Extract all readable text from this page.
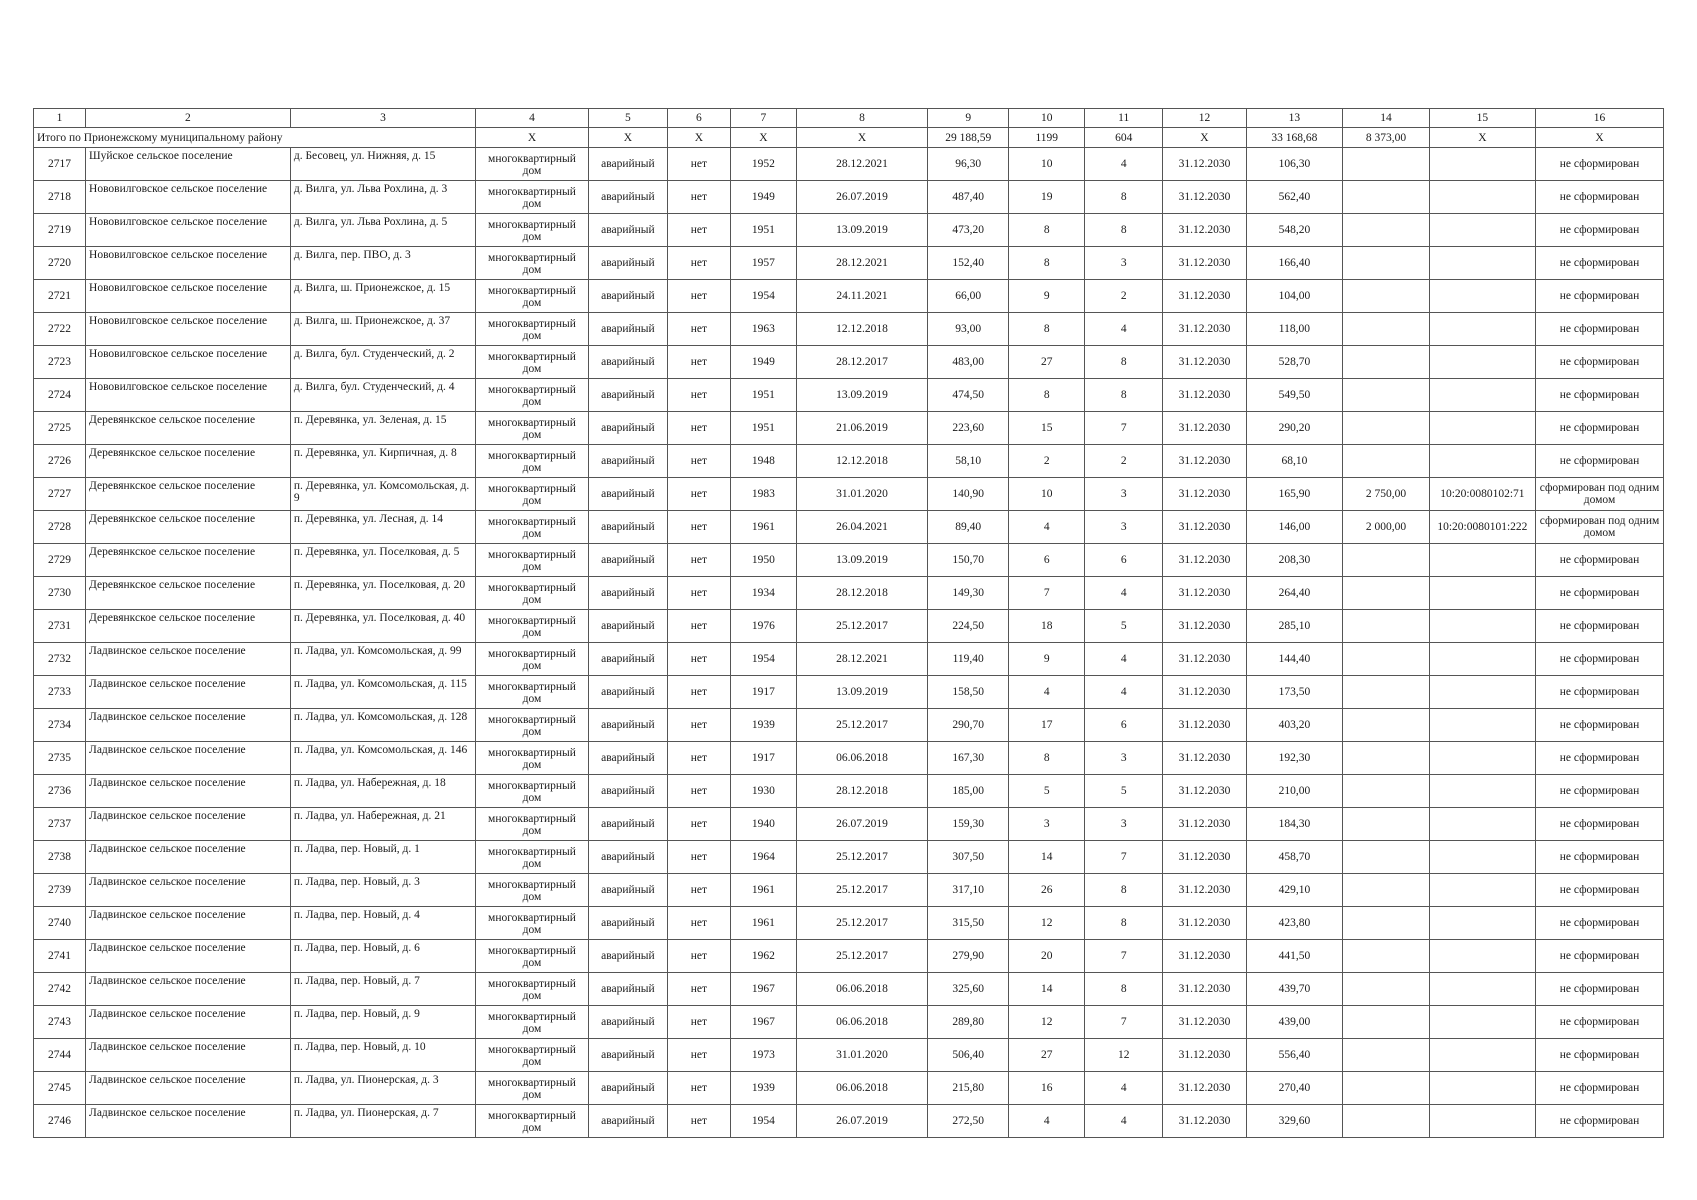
1	2	3	4	5	6	7	8	9	10	11	12	13	14	15	16
Итого по Прионежскому муниципальному району			X	X	X	X	X	29 188,59	1199	604	X	33 168,68	8 373,00	X	X
2717	Шуйское сельское поселение	д. Бесовец, ул. Нижняя, д. 15	многоквартирный дом	аварийный	нет	1952	28.12.2021	96,30	10	4	31.12.2030	106,30			не сформирован
2718	Нововилговское сельское поселение	д. Вилга, ул. Льва Рохлина, д. 3	многоквартирный дом	аварийный	нет	1949	26.07.2019	487,40	19	8	31.12.2030	562,40			не сформирован
2719	Нововилговское сельское поселение	д. Вилга, ул. Льва Рохлина, д. 5	многоквартирный дом	аварийный	нет	1951	13.09.2019	473,20	8	8	31.12.2030	548,20			не сформирован
2720	Нововилговское сельское поселение	д. Вилга, пер. ПВО, д. 3	многоквартирный дом	аварийный	нет	1957	28.12.2021	152,40	8	3	31.12.2030	166,40			не сформирован
2721	Нововилговское сельское поселение	д. Вилга, ш. Прионежское, д. 15	многоквартирный дом	аварийный	нет	1954	24.11.2021	66,00	9	2	31.12.2030	104,00			не сформирован
2722	Нововилговское сельское поселение	д. Вилга, ш. Прионежское, д. 37	многоквартирный дом	аварийный	нет	1963	12.12.2018	93,00	8	4	31.12.2030	118,00			не сформирован
2723	Нововилговское сельское поселение	д. Вилга, бул. Студенческий, д. 2	многоквартирный дом	аварийный	нет	1949	28.12.2017	483,00	27	8	31.12.2030	528,70			не сформирован
2724	Нововилговское сельское поселение	д. Вилга, бул. Студенческий, д. 4	многоквартирный дом	аварийный	нет	1951	13.09.2019	474,50	8	8	31.12.2030	549,50			не сформирован
2725	Деревянкское сельское поселение	п. Деревянка, ул. Зеленая, д. 15	многоквартирный дом	аварийный	нет	1951	21.06.2019	223,60	15	7	31.12.2030	290,20			не сформирован
2726	Деревянкское сельское поселение	п. Деревянка, ул. Кирпичная, д. 8	многоквартирный дом	аварийный	нет	1948	12.12.2018	58,10	2	2	31.12.2030	68,10			не сформирован
2727	Деревянкское сельское поселение	п. Деревянка, ул. Комсомольская, д. 9	многоквартирный дом	аварийный	нет	1983	31.01.2020	140,90	10	3	31.12.2030	165,90	2 750,00	10:20:0080102:71	сформирован под одним домом
2728	Деревянкское сельское поселение	п. Деревянка, ул. Лесная, д. 14	многоквартирный дом	аварийный	нет	1961	26.04.2021	89,40	4	3	31.12.2030	146,00	2 000,00	10:20:0080101:222	сформирован под одним домом
2729	Деревянкское сельское поселение	п. Деревянка, ул. Поселковая, д. 5	многоквартирный дом	аварийный	нет	1950	13.09.2019	150,70	6	6	31.12.2030	208,30			не сформирован
2730	Деревянкское сельское поселение	п. Деревянка, ул. Поселковая, д. 20	многоквартирный дом	аварийный	нет	1934	28.12.2018	149,30	7	4	31.12.2030	264,40			не сформирован
2731	Деревянкское сельское поселение	п. Деревянка, ул. Поселковая, д. 40	многоквартирный дом	аварийный	нет	1976	25.12.2017	224,50	18	5	31.12.2030	285,10			не сформирован
2732	Ладвинское сельское поселение	п. Ладва, ул. Комсомольская, д. 99	многоквартирный дом	аварийный	нет	1954	28.12.2021	119,40	9	4	31.12.2030	144,40			не сформирован
2733	Ладвинское сельское поселение	п. Ладва, ул. Комсомольская, д. 115	многоквартирный дом	аварийный	нет	1917	13.09.2019	158,50	4	4	31.12.2030	173,50			не сформирован
2734	Ладвинское сельское поселение	п. Ладва, ул. Комсомольская, д. 128	многоквартирный дом	аварийный	нет	1939	25.12.2017	290,70	17	6	31.12.2030	403,20			не сформирован
2735	Ладвинское сельское поселение	п. Ладва, ул. Комсомольская, д. 146	многоквартирный дом	аварийный	нет	1917	06.06.2018	167,30	8	3	31.12.2030	192,30			не сформирован
2736	Ладвинское сельское поселение	п. Ладва, ул. Набережная, д. 18	многоквартирный дом	аварийный	нет	1930	28.12.2018	185,00	5	5	31.12.2030	210,00			не сформирован
2737	Ладвинское сельское поселение	п. Ладва, ул. Набережная, д. 21	многоквартирный дом	аварийный	нет	1940	26.07.2019	159,30	3	3	31.12.2030	184,30			не сформирован
2738	Ладвинское сельское поселение	п. Ладва, пер. Новый, д. 1	многоквартирный дом	аварийный	нет	1964	25.12.2017	307,50	14	7	31.12.2030	458,70			не сформирован
2739	Ладвинское сельское поселение	п. Ладва, пер. Новый, д. 3	многоквартирный дом	аварийный	нет	1961	25.12.2017	317,10	26	8	31.12.2030	429,10			не сформирован
2740	Ладвинское сельское поселение	п. Ладва, пер. Новый, д. 4	многоквартирный дом	аварийный	нет	1961	25.12.2017	315,50	12	8	31.12.2030	423,80			не сформирован
2741	Ладвинское сельское поселение	п. Ладва, пер. Новый, д. 6	многоквартирный дом	аварийный	нет	1962	25.12.2017	279,90	20	7	31.12.2030	441,50			не сформирован
2742	Ладвинское сельское поселение	п. Ладва, пер. Новый, д. 7	многоквартирный дом	аварийный	нет	1967	06.06.2018	325,60	14	8	31.12.2030	439,70			не сформирован
2743	Ладвинское сельское поселение	п. Ладва, пер. Новый, д. 9	многоквартирный дом	аварийный	нет	1967	06.06.2018	289,80	12	7	31.12.2030	439,00			не сформирован
2744	Ладвинское сельское поселение	п. Ладва, пер. Новый, д. 10	многоквартирный дом	аварийный	нет	1973	31.01.2020	506,40	27	12	31.12.2030	556,40			не сформирован
2745	Ладвинское сельское поселение	п. Ладва, ул. Пионерская, д. 3	многоквартирный дом	аварийный	нет	1939	06.06.2018	215,80	16	4	31.12.2030	270,40			не сформирован
2746	Ладвинское сельское поселение	п. Ладва, ул. Пионерская, д. 7	многоквартирный дом	аварийный	нет	1954	26.07.2019	272,50	4	4	31.12.2030	329,60			не сформирован
